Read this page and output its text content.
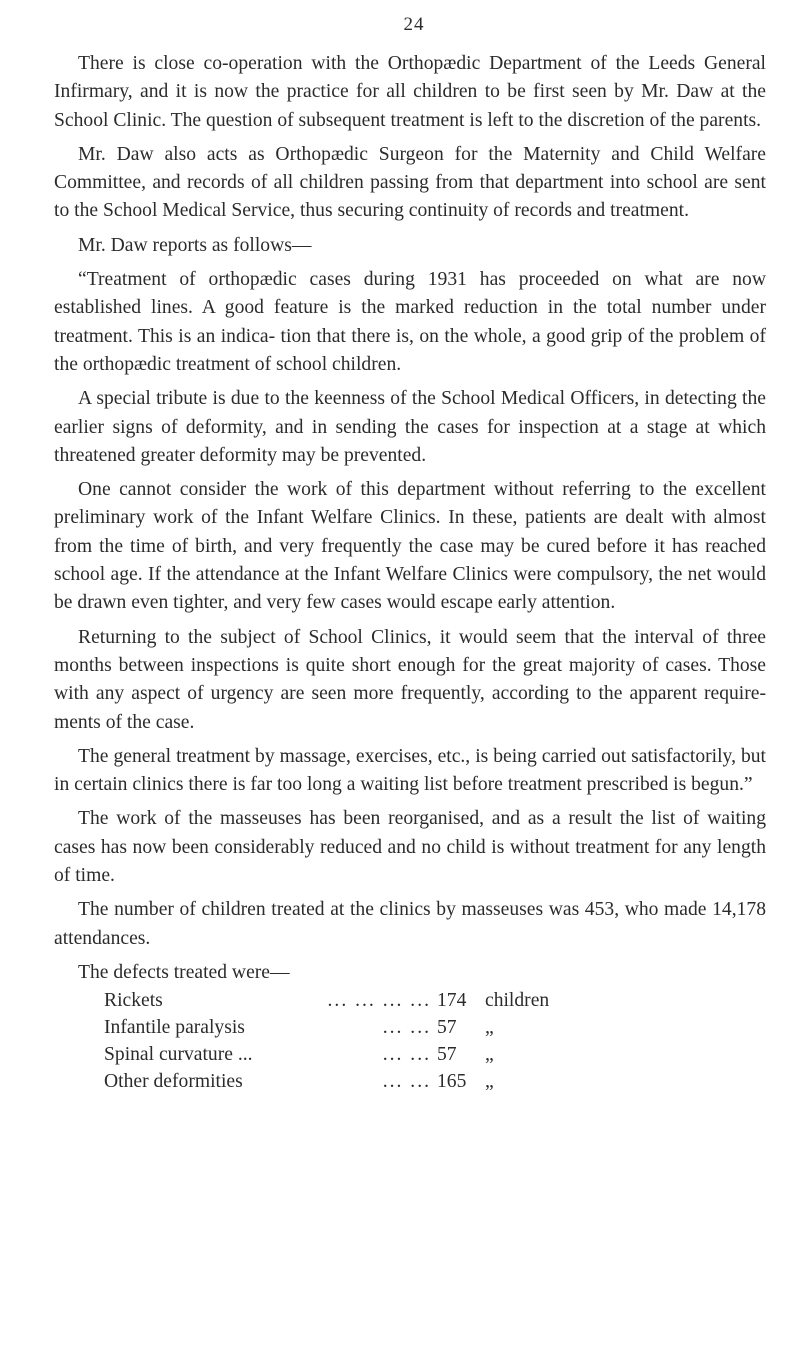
24

There is close co-operation with the Orthopædic Department of the Leeds General Infirmary, and it is now the practice for all children to be first seen by Mr. Daw at the School Clinic. The question of subsequent treatment is left to the discretion of the parents.

Mr. Daw also acts as Orthopædic Surgeon for the Maternity and Child Welfare Committee, and records of all children passing from that department into school are sent to the School Medical Service, thus securing continuity of records and treatment.

Mr. Daw reports as follows—

“Treatment of orthopædic cases during 1931 has proceeded on what are now established lines. A good feature is the marked reduction in the total number under treatment. This is an indica- tion that there is, on the whole, a good grip of the problem of the orthopædic treatment of school children.

A special tribute is due to the keenness of the School Medical Officers, in detecting the earlier signs of deformity, and in sending the cases for inspection at a stage at which threatened greater deformity may be prevented.

One cannot consider the work of this department without referring to the excellent preliminary work of the Infant Welfare Clinics. In these, patients are dealt with almost from the time of birth, and very frequently the case may be cured before it has reached school age. If the attendance at the Infant Welfare Clinics were compulsory, the net would be drawn even tighter, and very few cases would escape early attention.

Returning to the subject of School Clinics, it would seem that the interval of three months between inspections is quite short enough for the great majority of cases. Those with any aspect of urgency are seen more frequently, according to the apparent require- ments of the case.

The general treatment by massage, exercises, etc., is being carried out satisfactorily, but in certain clinics there is far too long a waiting list before treatment prescribed is begun.”

The work of the masseuses has been reorganised, and as a result the list of waiting cases has now been considerably reduced and no child is without treatment for any length of time.

The number of children treated at the clinics by masseuses was 453, who made 14,178 attendances.

The defects treated were—

Rickets	... ... ... ... 174 children
Infantile paralysis	... ... 57	„
Spinal curvature ...	... ... 57	„
Other deformities	... ... 165 „
